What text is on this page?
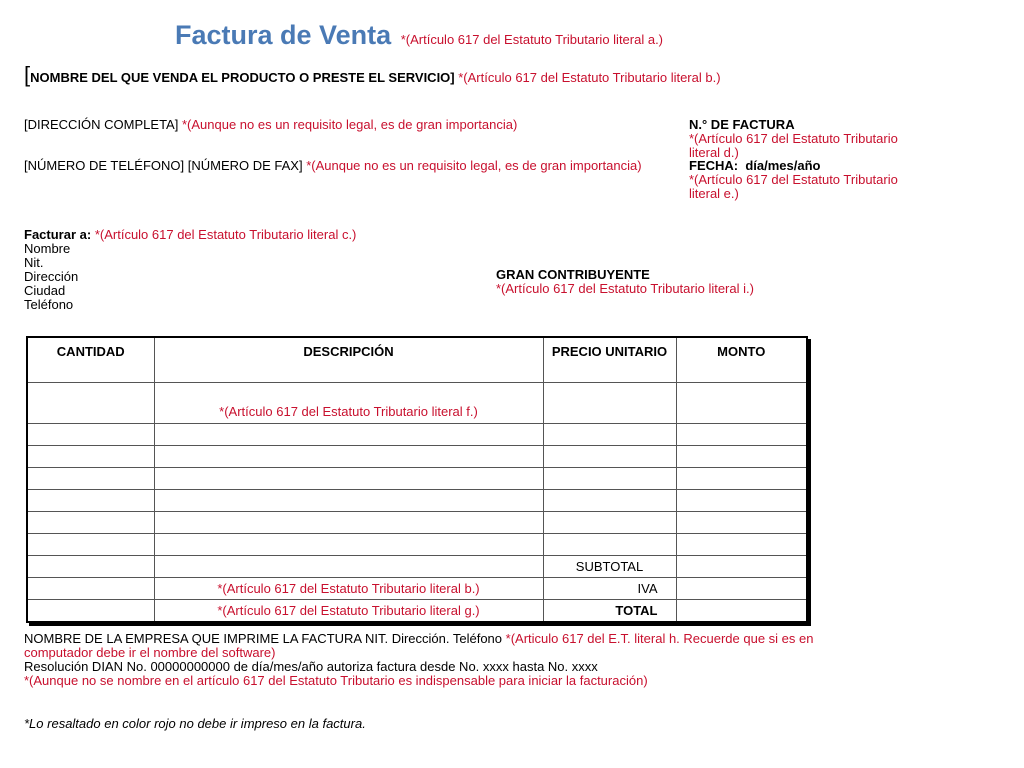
Factura de Venta *(Artículo 617 del Estatuto Tributario literal a.)
[NOMBRE DEL QUE VENDA EL PRODUCTO O PRESTE EL SERVICIO] *(Artículo 617 del Estatuto Tributario literal b.)
[DIRECCIÓN COMPLETA] *(Aunque no es un requisito legal, es de gran importancia)
[NÚMERO DE TELÉFONO] [NÚMERO DE FAX] *(Aunque no es un requisito legal, es de gran importancia)
N.° DE FACTURA
*(Artículo 617 del Estatuto Tributario literal d.)
FECHA: día/mes/año
*(Artículo 617 del Estatuto Tributario literal e.)
Facturar a: *(Artículo 617 del Estatuto Tributario literal c.)
Nombre
Nit.
Dirección
Ciudad
Teléfono
GRAN CONTRIBUYENTE
*(Artículo 617 del Estatuto Tributario literal i.)
CANTIDAD	DESCRIPCIÓN	PRECIO UNITARIO	MONTO
	*(Artículo 617 del Estatuto Tributario literal f.)		

		SUBTOTAL	
	*(Artículo 617 del Estatuto Tributario literal b.)	IVA	
	*(Artículo 617 del Estatuto Tributario literal g.)	TOTAL	
NOMBRE DE LA EMPRESA QUE IMPRIME LA FACTURA NIT. Dirección. Teléfono *(Articulo 617 del E.T. literal h. Recuerde que si es en computador debe ir el nombre del software)
Resolución DIAN No. 00000000000 de día/mes/año autoriza factura desde No. xxxx hasta No. xxxx
*(Aunque no se nombre en el artículo 617 del Estatuto Tributario es indispensable para iniciar la facturación)
*Lo resaltado en color rojo no debe ir impreso en la factura.
